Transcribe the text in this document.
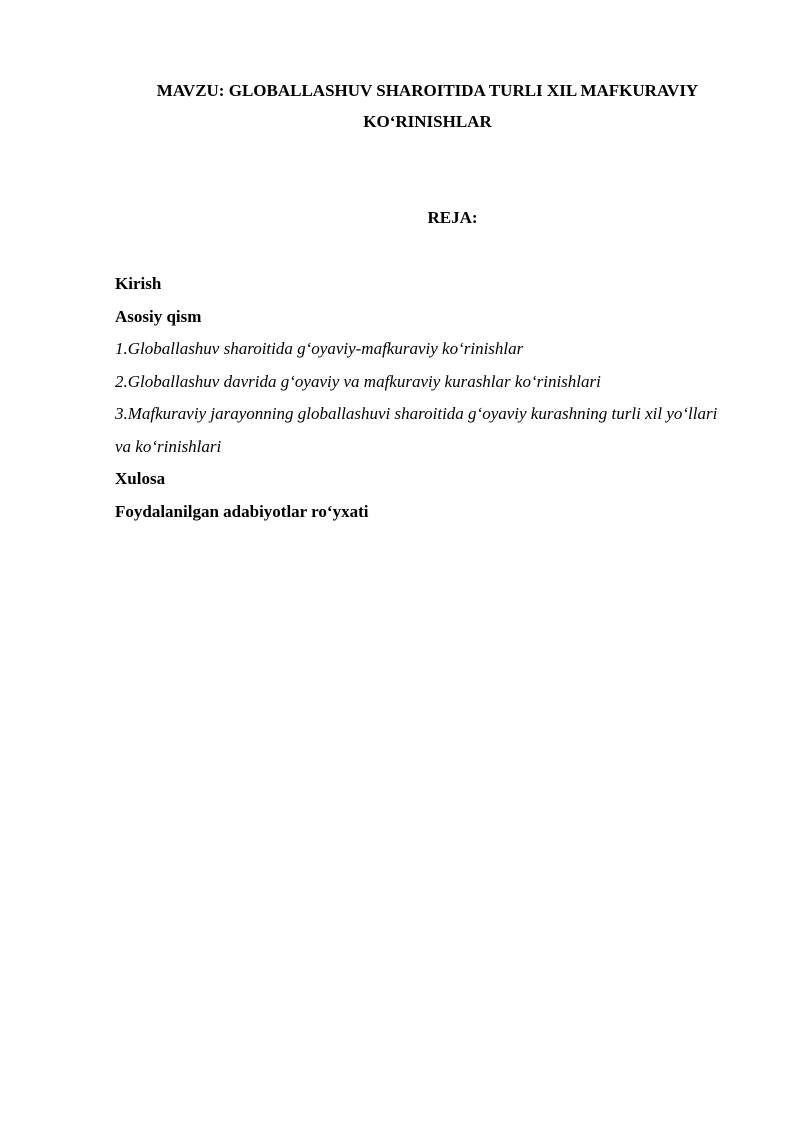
MAVZU: GLOBALLASHUV SHAROITIDA TURLI XIL MAFKURAVIY KO‘RINISHLAR
REJA:
Kirish
Asosiy qism
1.Globallashuv sharoitida g‘oyaviy-mafkuraviy ko‘rinishlar
2.Globallashuv davrida g‘oyaviy va mafkuraviy kurashlar ko‘rinishlari
3.Mafkuraviy jarayonning globallashuvi sharoitida g‘oyaviy kurashning turli xil yo‘llari va ko‘rinishlari
Xulosa
Foydalanilgan adabiyotlar ro‘yxati
